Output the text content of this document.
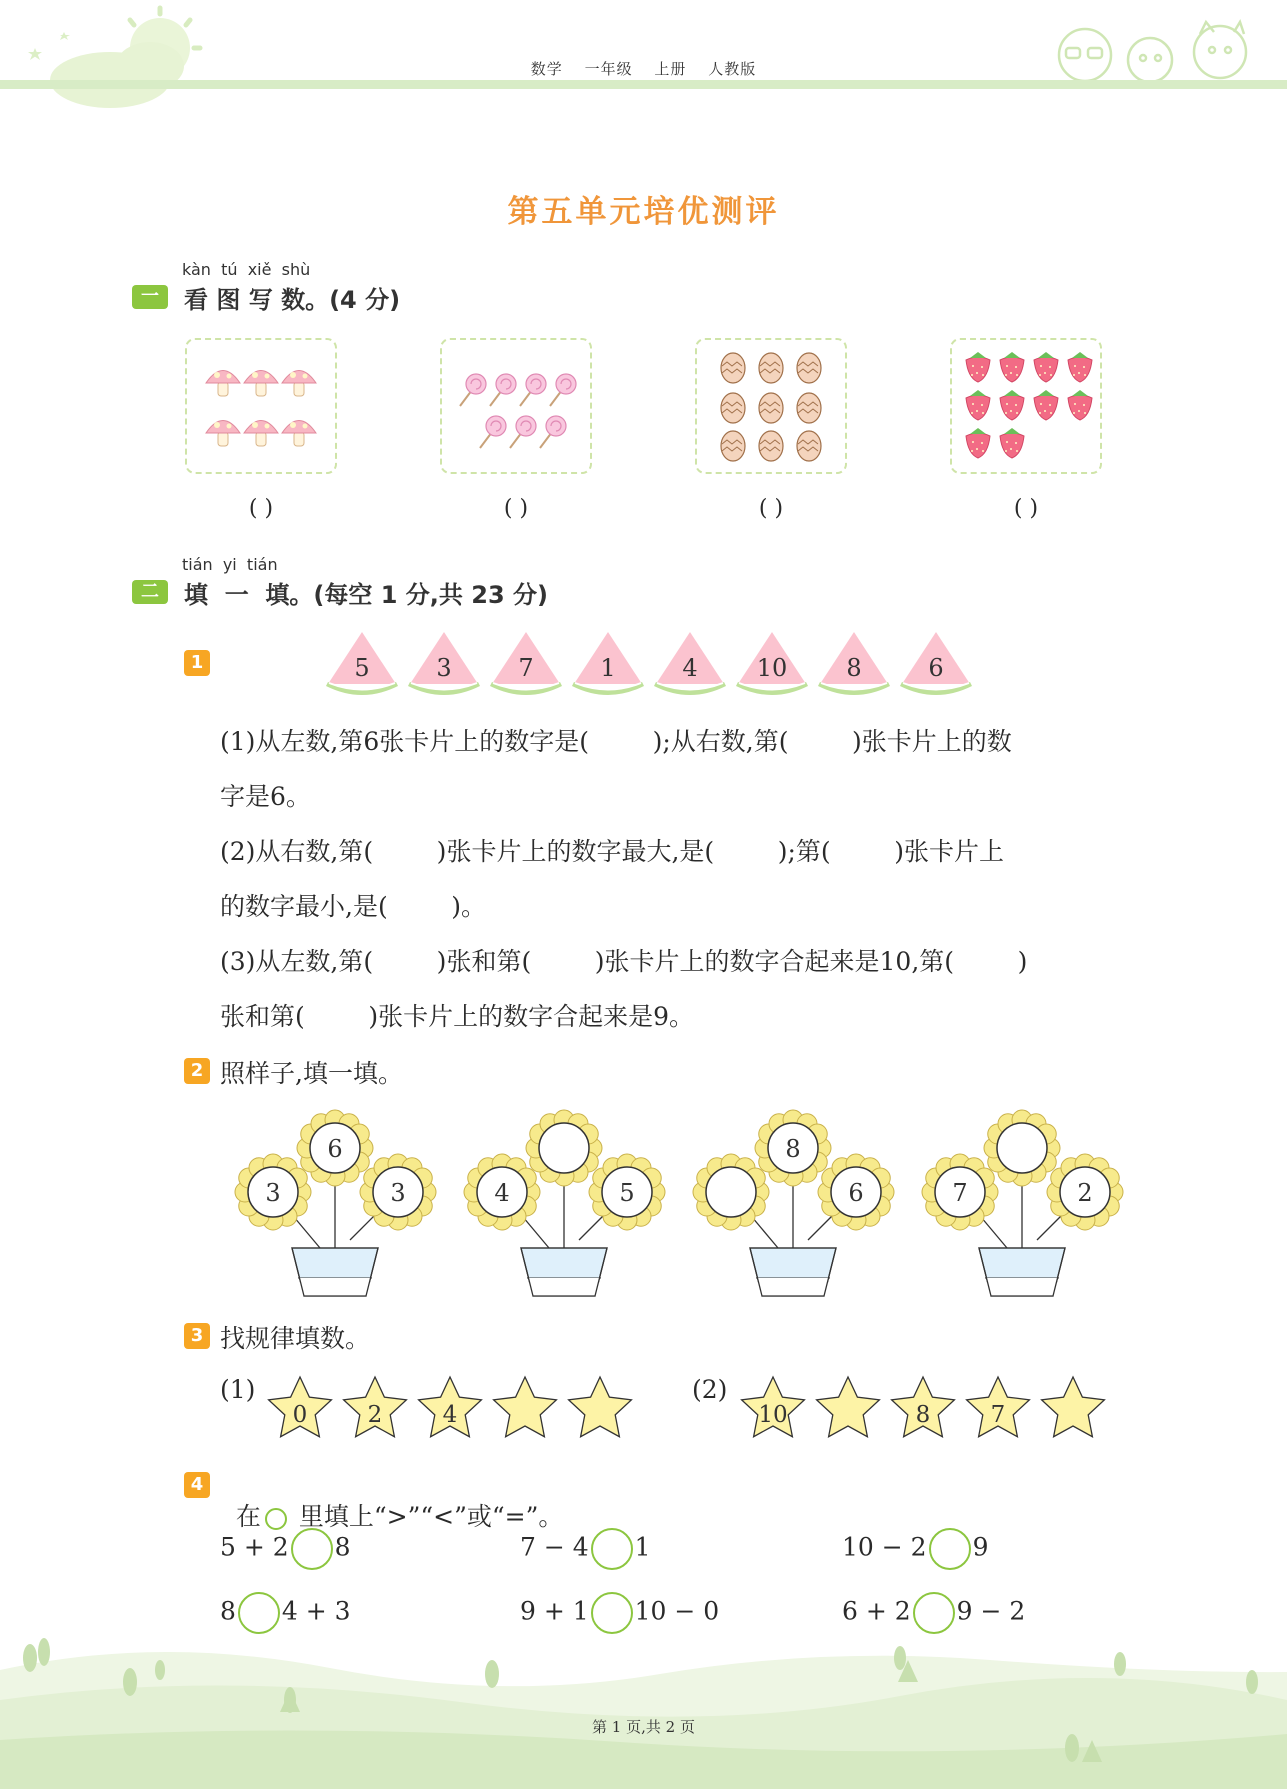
数学 一年级 上册 人教版
第五单元培优测评
kàn  tú  xiě  shù
一	看 图 写 数。(4 分)
( )	( )	( )	( )
tián  yi  tián
二	填  一  填。(每空 1 分,共 23 分)
1	5	3	7	1	4 10 8	6
(1)从左数,第6张卡片上的数字是(        );从右数,第(        )张卡片上的数
字是6。
(2)从右数,第(        )张卡片上的数字最大,是(        );第(        )张卡片上
的数字最小,是(        )。
(3)从左数,第(        )张和第(        )张卡片上的数字合起来是10,第(        )
张和第(        )张卡片上的数字合起来是9。
2 照样子,填一填。
6
3	3	4	5
8
6	7	2
3 找规律填数。
(1)	(2)
0	2	4	10	8	7
4

在 里填上“>”“<”或“=”。

5 + 2 8	7 − 4 1	10 − 2 9
8 4 + 3	9 + 1 10 − 0	6 + 2 9 − 2
第 1 页,共 2 页
